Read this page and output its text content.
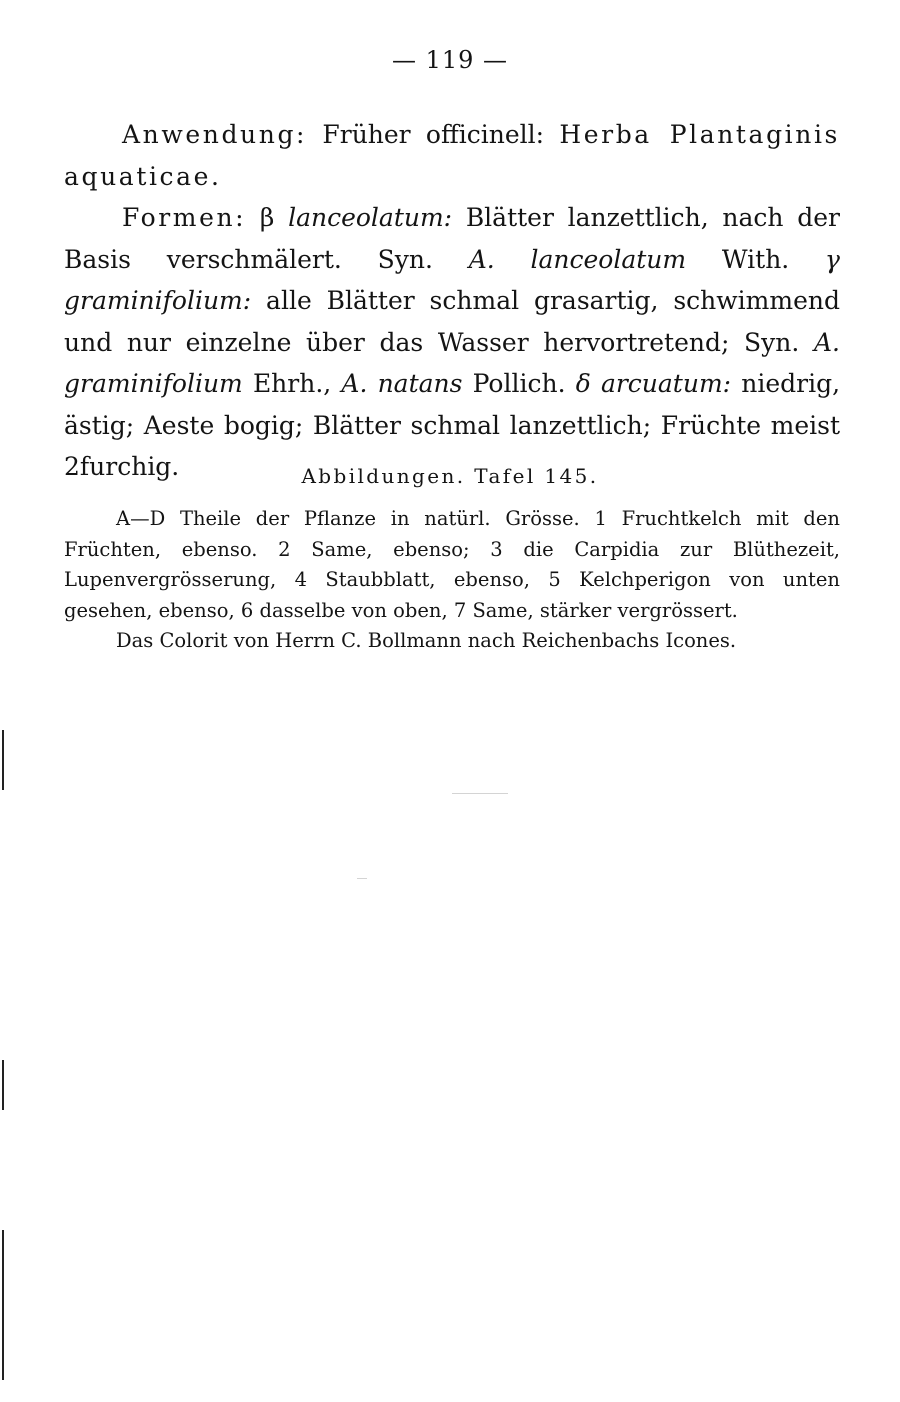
— 119 —

Anwendung: Früher officinell: Herba Plantaginis aquaticae.

Formen: β lanceolatum: Blätter lanzettlich, nach der Basis verschmälert. Syn. A. lanceolatum With. γ graminifolium: alle Blätter schmal grasartig, schwimmend und nur einzelne über das Wasser hervortretend; Syn. A. graminifolium Ehrh., A. natans Pollich. δ arcuatum: niedrig, ästig; Aeste bogig; Blätter schmal lanzettlich; Früchte meist 2furchig.	Abbildungen. Tafel 145.

A—D Theile der Pflanze in natürl. Grösse. 1 Fruchtkelch mit den Früchten, ebenso. 2 Same, ebenso; 3 die Carpidia zur Blüthezeit, Lupenvergrösserung, 4 Staubblatt, ebenso, 5 Kelchperigon von unten gesehen, ebenso, 6 dasselbe von oben, 7 Same, stärker vergrössert.

Das Colorit von Herrn C. Bollmann nach Reichenbachs Icones.
